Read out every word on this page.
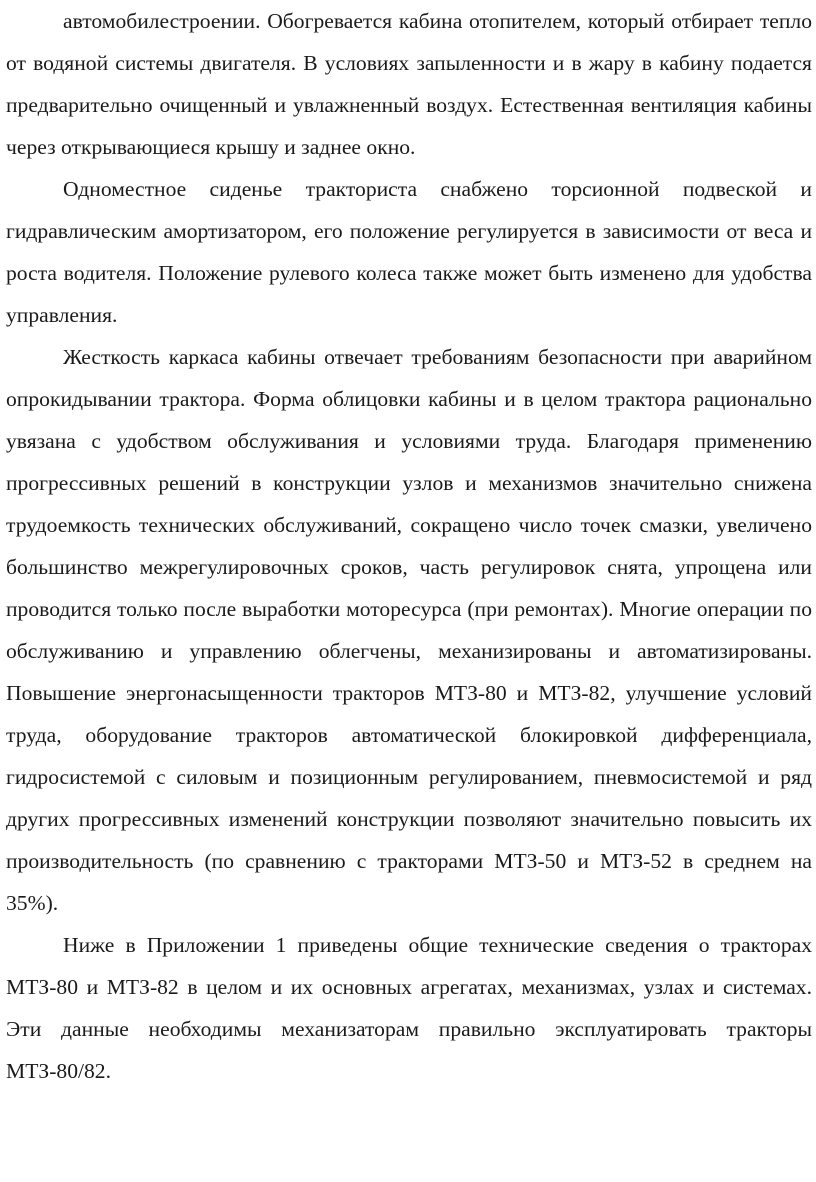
автомобилестроении. Обогревается кабина отопителем, который отбирает тепло от водяной системы двигателя. В условиях запыленности и в жару в кабину подается предварительно очищенный и увлажненный воздух. Естественная вентиляция кабины через открывающиеся крышу и заднее окно.

Одноместное сиденье тракториста снабжено торсионной подвеской и гидравлическим амортизатором, его положение регулируется в зависимости от веса и роста водителя. Положение рулевого колеса также может быть изменено для удобства управления.

Жесткость каркаса кабины отвечает требованиям безопасности при аварийном опрокидывании трактора. Форма облицовки кабины и в целом трактора рационально увязана с удобством обслуживания и условиями труда. Благодаря применению прогрессивных решений в конструкции узлов и механизмов значительно снижена трудоемкость технических обслуживаний, сокращено число точек смазки, увеличено большинство межрегулировочных сроков, часть регулировок снята, упрощена или проводится только после выработки моторесурса (при ремонтах). Многие операции по обслуживанию и управлению облегчены, механизированы и автоматизированы. Повышение энергонасыщенности тракторов МТЗ-80 и МТЗ-82, улучшение условий труда, оборудование тракторов автоматической блокировкой дифференциала, гидросистемой с силовым и позиционным регулированием, пневмосистемой и ряд других прогрессивных изменений конструкции позволяют значительно повысить их производительность (по сравнению с тракторами МТЗ-50 и МТЗ-52 в среднем на 35%).

Ниже в Приложении 1 приведены общие технические сведения о тракторах МТЗ-80 и МТЗ-82 в целом и их основных агрегатах, механизмах, узлах и системах. Эти данные необходимы механизаторам правильно эксплуатировать тракторы МТЗ-80/82.
